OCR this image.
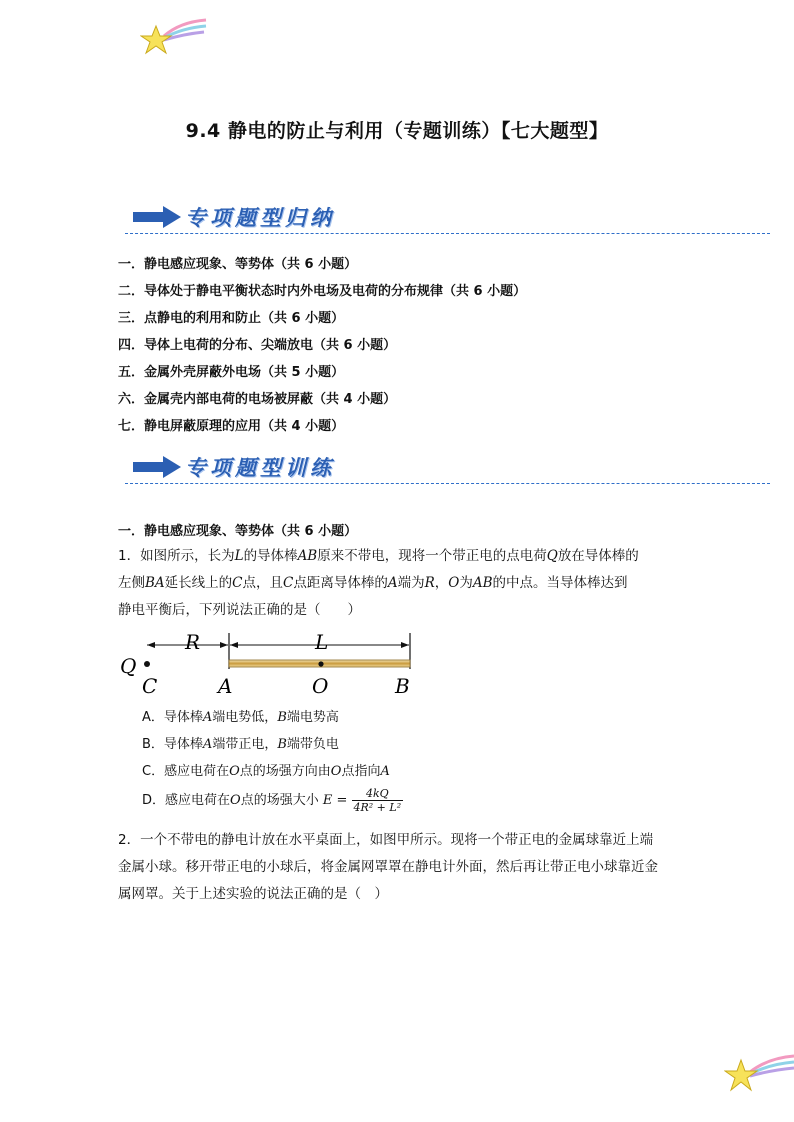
9.4 静电的防止与利用（专题训练）【七大题型】
专项题型归纳
一．静电感应现象、等势体（共 6 小题）
二．导体处于静电平衡状态时内外电场及电荷的分布规律（共 6 小题）
三．点静电的利用和防止（共 6 小题）
四．导体上电荷的分布、尖端放电（共 6 小题）
五．金属外壳屏蔽外电场（共 5 小题）
六．金属壳内部电荷的电场被屏蔽（共 4 小题）
七．静电屏蔽原理的应用（共 4 小题）
专项题型训练
一．静电感应现象、等势体（共 6 小题）
1．如图所示，长为L的导体棒AB原来不带电，现将一个带正电的点电荷Q放在导体棒的
左侧BA延长线上的C点，且C点距离导体棒的A端为R，O为AB的中点。当导体棒达到
静电平衡后，下列说法正确的是（　　）
R	L
Q
C	A	O	B
A．导体棒A端电势低，B端电势高
B．导体棒A端带正电，B端带负电
C．感应电荷在O点的场强方向由O点指向A
D．感应电荷在O点的场强大小 $E = \frac{4kQ}{\text{4R² + L²}}$
2．一个不带电的静电计放在水平桌面上，如图甲所示。现将一个带正电的金属球靠近上端
金属小球。移开带正电的小球后，将金属网罩罩在静电计外面，然后再让带正电小球靠近金
属网罩。关于上述实验的说法正确的是（　）
